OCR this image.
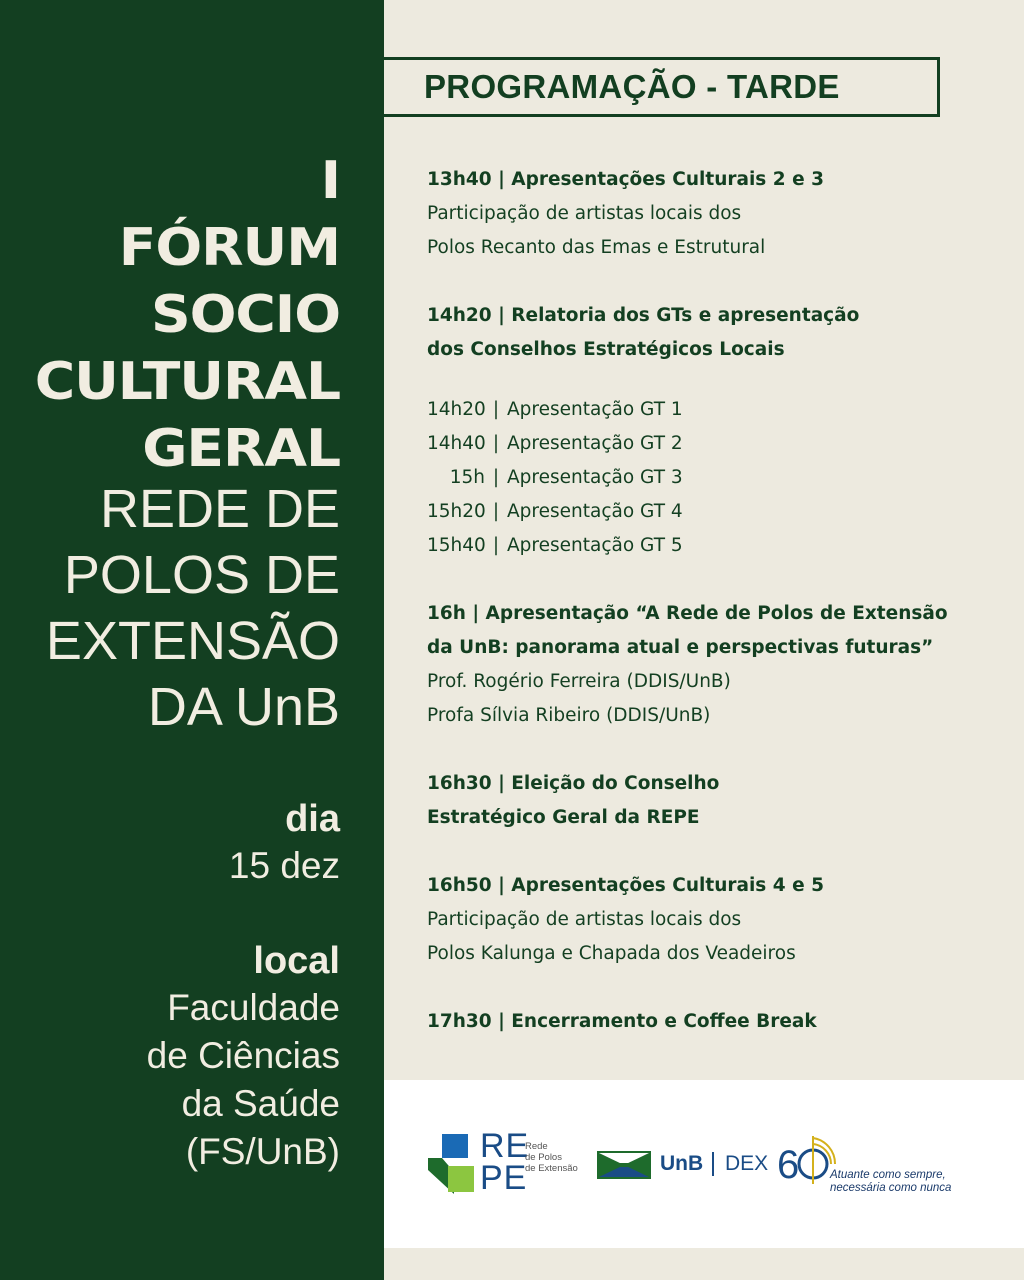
I
FÓRUM
SOCIO
CULTURAL
GERAL
REDE DE
POLOS DE
EXTENSÃO
DA UnB
dia
15 dez
local
Faculdade
de Ciências
da Saúde
(FS/UnB)
PROGRAMAÇÃO - TARDE
13h40 | Apresentações Culturais 2 e 3
Participação de artistas locais dos
Polos Recanto das Emas e Estrutural
14h20 | Relatoria dos GTs e apresentação
dos Conselhos Estratégicos Locais
14h20 | Apresentação GT 1
14h40 | Apresentação GT 2
15h | Apresentação GT 3
15h20 | Apresentação GT 4
15h40 | Apresentação GT 5
16h | Apresentação “A Rede de Polos de Extensão
da UnB: panorama atual e perspectivas futuras”
Prof. Rogério Ferreira (DDIS/UnB)
Profa Sílvia Ribeiro (DDIS/UnB)
16h30 | Eleição do Conselho
Estratégico Geral da REPE
16h50 | Apresentações Culturais 4 e 5
Participação de artistas locais dos
Polos Kalunga e Chapada dos Veadeiros
17h30 | Encerramento e Coffee Break
RE
PE
Rede
de Polos
de Extensão	UnB DEX 6	Atuante como sempre,
necessária como nunca
